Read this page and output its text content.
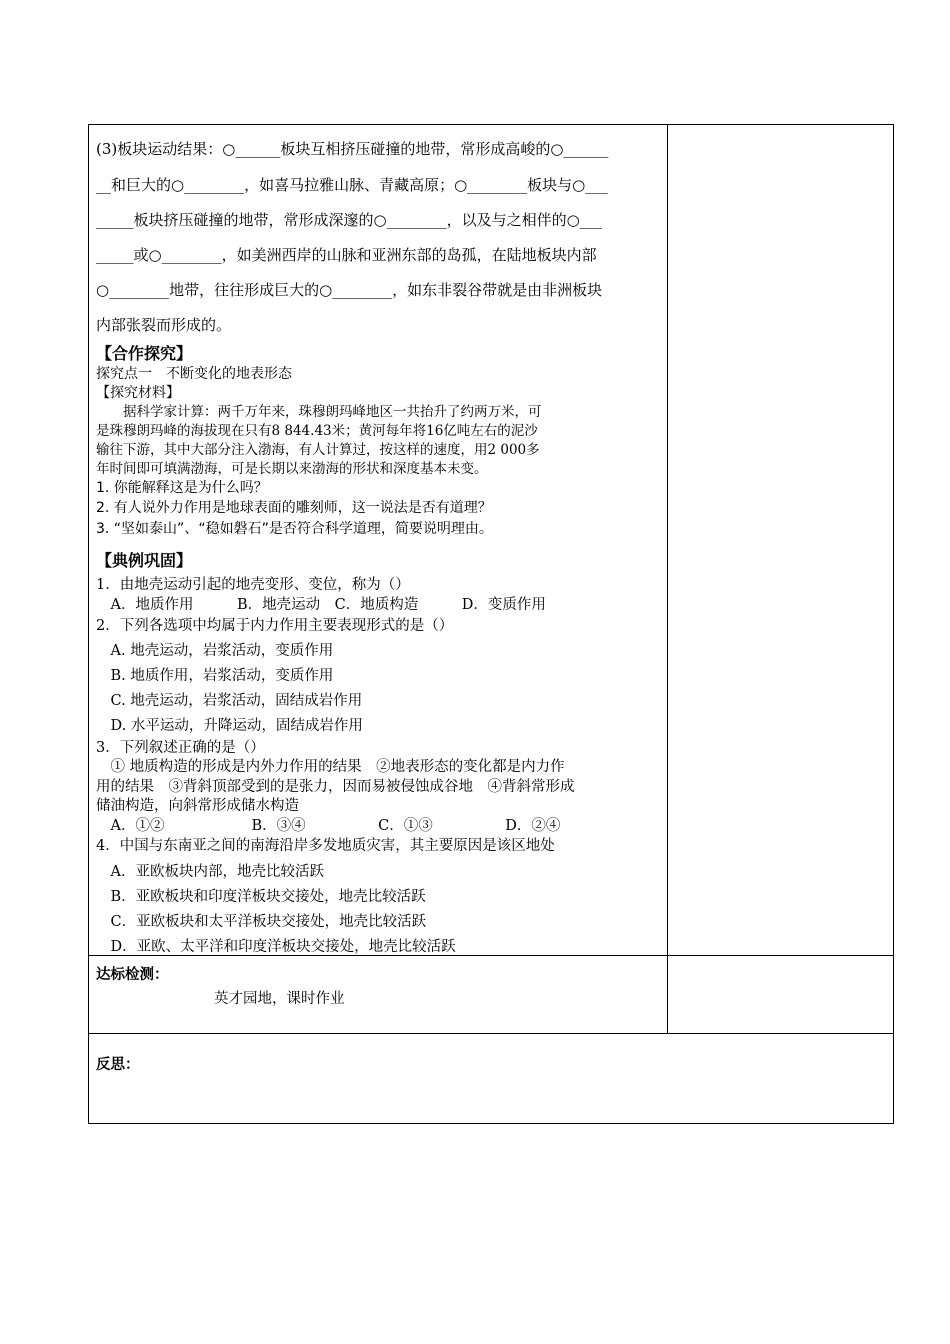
(3)板块运动结果：○______板块互相挤压碰撞的地带，常形成高峻的○______

__和巨大的○________，如喜马拉雅山脉、青藏高原；○________板块与○___

_____板块挤压碰撞的地带，常形成深邃的○________，以及与之相伴的○___

_____或○________，如美洲西岸的山脉和亚洲东部的岛孤，在陆地板块内部

○________地带，往往形成巨大的○________，如东非裂谷带就是由非洲板块

内部张裂而形成的。

【合作探究】

探究点一　不断变化的地表形态

【探究材料】

　　据科学家计算：两千万年来，珠穆朗玛峰地区一共抬升了约两万米，可

是珠穆朗玛峰的海拔现在只有8 844.43米；黄河每年将16亿吨左右的泥沙

输往下游，其中大部分注入渤海，有人计算过，按这样的速度，用2 000多

年时间即可填满渤海，可是长期以来渤海的形状和深度基本未变。

1. 你能解释这是为什么吗？

2. 有人说外力作用是地球表面的雕刻师，这一说法是否有道理？

3. “坚如泰山”、“稳如磐石”是否符合科学道理，简要说明理由。

【典例巩固】

1．由地壳运动引起的地壳变形、变位，称为（）

　A．地质作用　　　B．地壳运动　C．地质构造　　　D．变质作用

2．下列各选项中均属于内力作用主要表现形式的是（）

　A. 地壳运动，岩浆活动，变质作用

　B. 地质作用，岩浆活动，变质作用

　C. 地壳运动，岩浆活动，固结成岩作用

　D. 水平运动，升降运动，固结成岩作用

3．下列叙述正确的是（）

　① 地质构造的形成是内外力作用的结果　②地表形态的变化都是内力作

用的结果　③背斜顶部受到的是张力，因而易被侵蚀成谷地　④背斜常形成

储油构造，向斜常形成储水构造

　A．①②　　　　　　B．③④　　　　　C．①③　　　　　D．②④

4．中国与东南亚之间的南海沿岸多发地质灾害，其主要原因是该区地处

　A．亚欧板块内部，地壳比较活跃

　B．亚欧板块和印度洋板块交接处，地壳比较活跃

　C．亚欧板块和太平洋板块交接处，地壳比较活跃

　D．亚欧、太平洋和印度洋板块交接处，地壳比较活跃

达标检测：

英才园地，课时作业

反思：
